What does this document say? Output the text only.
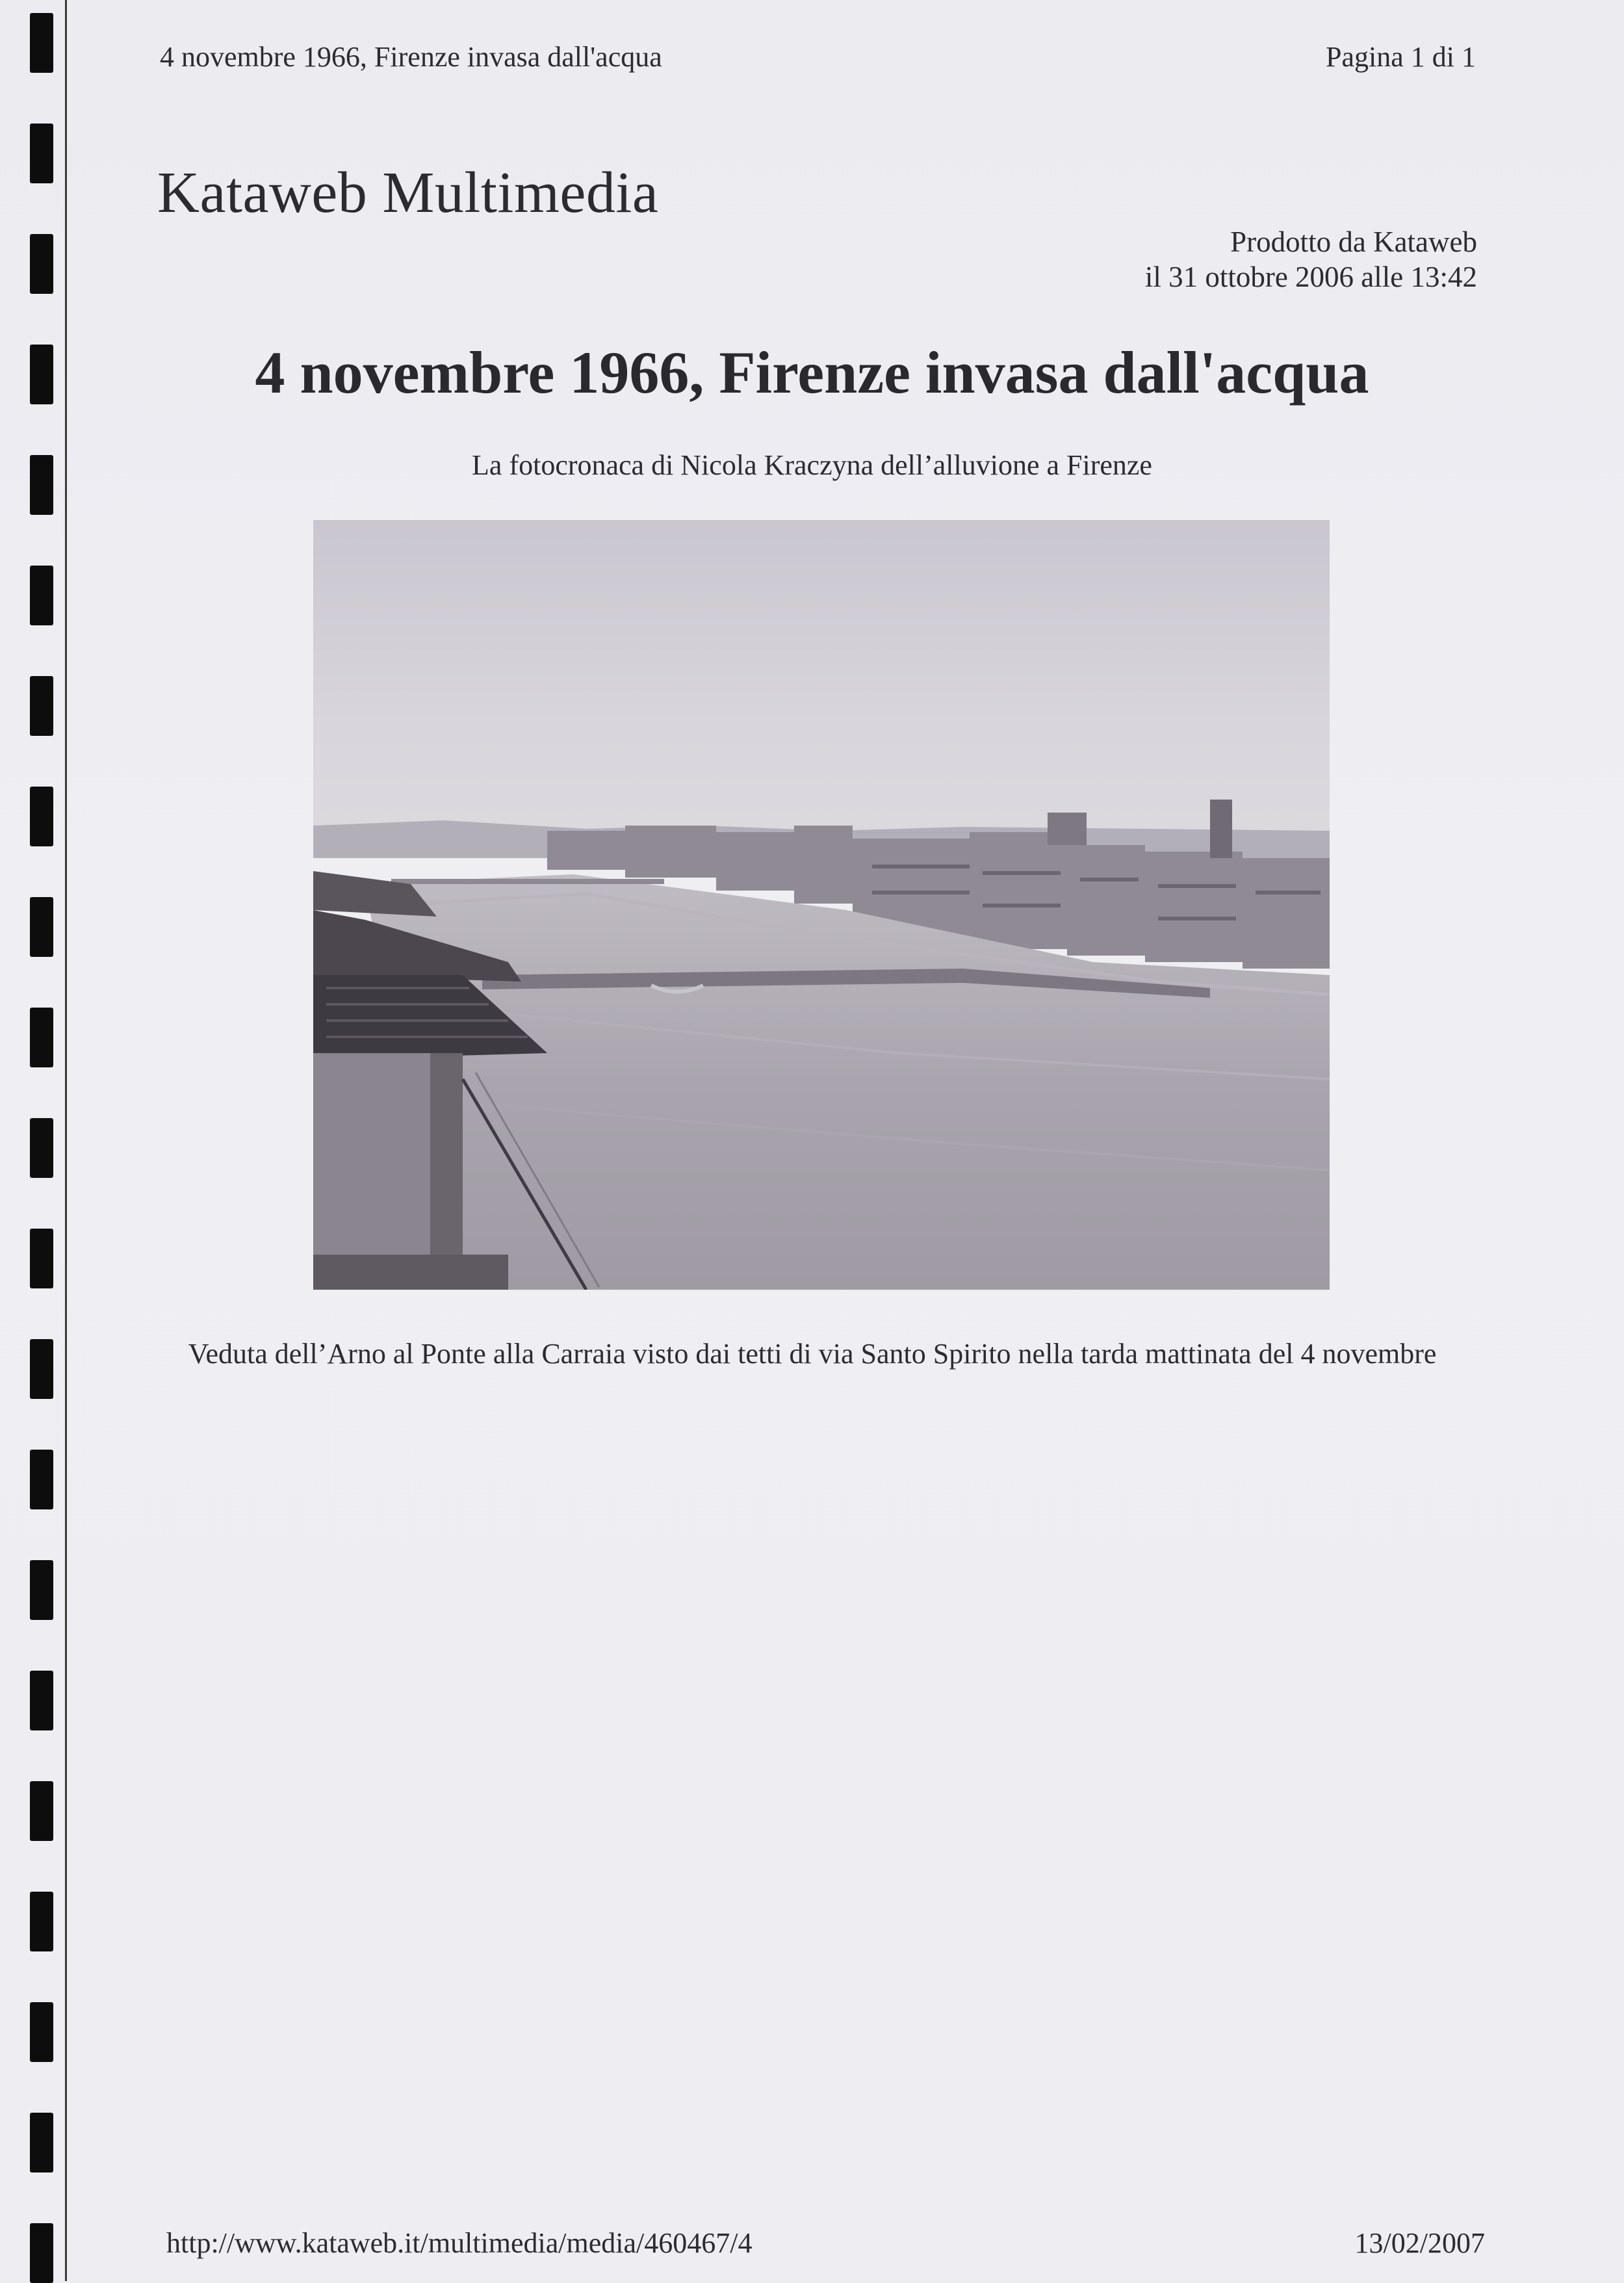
4 novembre 1966, Firenze invasa dall'acqua	Pagina 1 di 1
Kataweb Multimedia
Prodotto da Kataweb
il 31 ottobre 2006 alle 13:42
4 novembre 1966, Firenze invasa dall'acqua
La fotocronaca di Nicola Kraczyna dell’alluvione a Firenze
Veduta dell’Arno al Ponte alla Carraia visto dai tetti di via Santo Spirito nella tarda mattinata del 4 novembre
http://www.kataweb.it/multimedia/media/460467/4	13/02/2007
